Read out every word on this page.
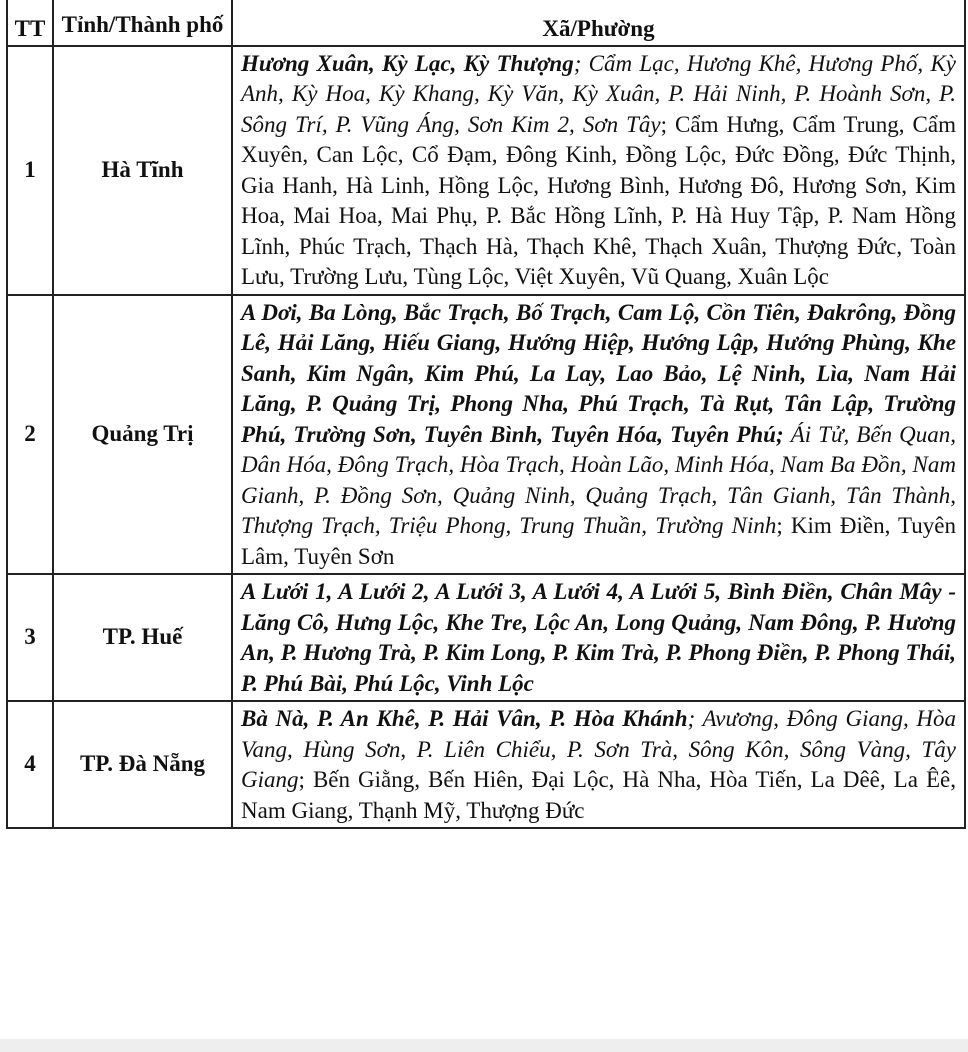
TT	Tỉnh/Thành phố	Xã/Phường
1	Hà Tĩnh	Hương Xuân, Kỳ Lạc, Kỳ Thượng; Cẩm Lạc, Hương Khê, Hương Phố, Kỳ Anh, Kỳ Hoa, Kỳ Khang, Kỳ Văn, Kỳ Xuân, P. Hải Ninh, P. Hoành Sơn, P. Sông Trí, P. Vũng Áng, Sơn Kim 2, Sơn Tây; Cẩm Hưng, Cẩm Trung, Cẩm Xuyên, Can Lộc, Cổ Đạm, Đông Kinh, Đồng Lộc, Đức Đồng, Đức Thịnh, Gia Hanh, Hà Linh, Hồng Lộc, Hương Bình, Hương Đô, Hương Sơn, Kim Hoa, Mai Hoa, Mai Phụ, P. Bắc Hồng Lĩnh, P. Hà Huy Tập, P. Nam Hồng Lĩnh, Phúc Trạch, Thạch Hà, Thạch Khê, Thạch Xuân, Thượng Đức, Toàn Lưu, Trường Lưu, Tùng Lộc, Việt Xuyên, Vũ Quang, Xuân Lộc
2	Quảng Trị	A Dơi, Ba Lòng, Bắc Trạch, Bố Trạch, Cam Lộ, Cồn Tiên, Đakrông, Đồng Lê, Hải Lăng, Hiếu Giang, Hướng Hiệp, Hướng Lập, Hướng Phùng, Khe Sanh, Kim Ngân, Kim Phú, La Lay, Lao Bảo, Lệ Ninh, Lìa, Nam Hải Lăng, P. Quảng Trị, Phong Nha, Phú Trạch, Tà Rụt, Tân Lập, Trường Phú, Trường Sơn, Tuyên Bình, Tuyên Hóa, Tuyên Phú; Ái Tử, Bến Quan, Dân Hóa, Đông Trạch, Hòa Trạch, Hoàn Lão, Minh Hóa, Nam Ba Đồn, Nam Gianh, P. Đồng Sơn, Quảng Ninh, Quảng Trạch, Tân Gianh, Tân Thành, Thượng Trạch, Triệu Phong, Trung Thuần, Trường Ninh; Kim Điền, Tuyên Lâm, Tuyên Sơn
3	TP. Huế	A Lưới 1, A Lưới 2, A Lưới 3, A Lưới 4, A Lưới 5, Bình Điền, Chân Mây - Lăng Cô, Hưng Lộc, Khe Tre, Lộc An, Long Quảng, Nam Đông, P. Hương An, P. Hương Trà, P. Kim Long, P. Kim Trà, P. Phong Điền, P. Phong Thái, P. Phú Bài, Phú Lộc, Vinh Lộc
4	TP. Đà Nẵng	Bà Nà, P. An Khê, P. Hải Vân, P. Hòa Khánh; Avương, Đông Giang, Hòa Vang, Hùng Sơn, P. Liên Chiểu, P. Sơn Trà, Sông Kôn, Sông Vàng, Tây Giang; Bến Giằng, Bến Hiên, Đại Lộc, Hà Nha, Hòa Tiến, La Dêê, La Êê, Nam Giang, Thạnh Mỹ, Thượng Đức
